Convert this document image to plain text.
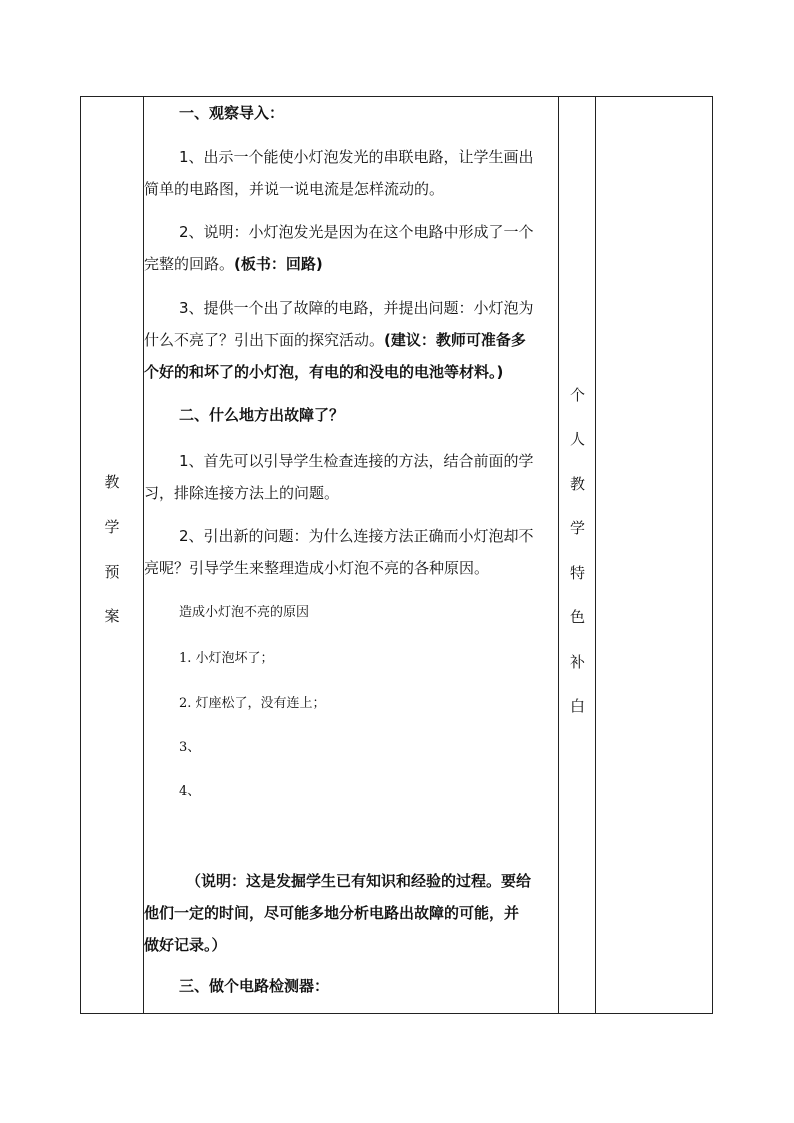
教
学
预
案

一、观察导入：

1、出示一个能使小灯泡发光的串联电路，让学生画出

简单的电路图，并说一说电流是怎样流动的。

2、说明：小灯泡发光是因为在这个电路中形成了一个

完整的回路。(板书：回路)

3、提供一个出了故障的电路，并提出问题：小灯泡为

什么不亮了？引出下面的探究活动。(建议：教师可准备多

个好的和坏了的小灯泡，有电的和没电的电池等材料。)

二、什么地方出故障了？

1、首先可以引导学生检查连接的方法，结合前面的学

习，排除连接方法上的问题。

2、引出新的问题：为什么连接方法正确而小灯泡却不

亮呢？引导学生来整理造成小灯泡不亮的各种原因。

造成小灯泡不亮的原因

1. 小灯泡坏了；

2. 灯座松了，没有连上；

3、

4、

（说明：这是发掘学生已有知识和经验的过程。要给

他们一定的时间，尽可能多地分析电路出故障的可能，并

做好记录。）

三、做个电路检测器：

个
人
教
学
特
色
补
白
